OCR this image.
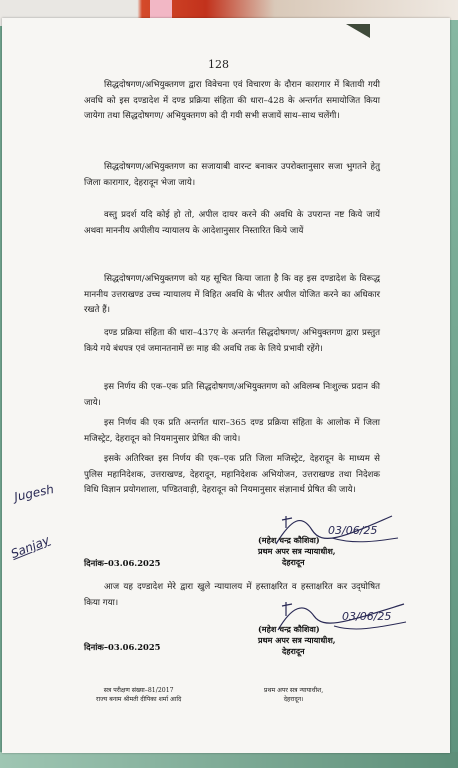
128

सिद्धदोषगण/अभियुक्तगण द्वारा विवेचना एवं विचारण के दौरान कारागार में बितायी गयी अवधि को इस दण्डादेश में दण्ड प्रक्रिया संहिता की धारा–428 के अन्तर्गत समायोजित किया जायेगा तथा सिद्धदोषगण/ अभियुक्तगण को दी गयी सभी सजायें साथ–साथ चलेंगी।

सिद्धदोषगण/अभियुक्तगण का सजायाबी वारन्ट बनाकर उपरोक्तानुसार सजा भुगतने हेतु जिला कारागार, देहरादून भेजा जाये।

वस्तु प्रदर्श यदि कोई हो तो, अपील दायर करने की अवधि के उपरान्त नष्ट किये जायें अथवा माननीय अपीलीय न्यायालय के आदेशानुसार निस्तारित किये जायें

सिद्धदोषगण/अभियुक्तगण को यह सूचित किया जाता है कि वह इस दण्डादेश के विरूद्ध माननीय उत्तराखण्ड उच्च न्यायालय में विहित अवधि के भीतर अपील योजित करने का अधिकार रखते हैं।

दण्ड प्रक्रिया संहिता की धारा–437ए के अन्तर्गत सिद्धदोषगण/ अभियुक्तगण द्वारा प्रस्तुत किये गये बंधपत्र एवं जमानतनामें छः माह की अवधि तक के लिये प्रभावी रहेंगे।

इस निर्णय की एक–एक प्रति सिद्धदोषगण/अभियुक्तगण को अविलम्ब निःशुल्क प्रदान की जाये।

इस निर्णय की एक प्रति अन्तर्गत धारा–365 दण्ड प्रक्रिया संहिता के आलोक में जिला मजिस्ट्रेट, देहरादून को नियमानुसार प्रेषित की जाये।

इसके अतिरिक्त इस निर्णय की एक–एक प्रति जिला मजिस्ट्रेट, देहरादून के माध्यम से पुलिस महानिदेशक, उत्तराखण्ड, देहरादून, महानिदेशक अभियोजन, उत्तराखण्ड तथा निदेशक विधि विज्ञान प्रयोगशाला, पण्डितवाड़ी, देहरादून को नियमानुसार संज्ञानार्थ प्रेषित की जाये।

Jugesh
Sanjay
03/06/25
(महेश चन्द्र कौशिवा)
प्रथम अपर सत्र न्यायाधीश,
देहरादून
दिनांक–03.06.2025

आज यह दण्डादेश मेरे द्वारा खुले न्यायालय में हस्ताक्षरित व हस्ताक्षरित कर उद्‌घोषित किया गया।

03/06/25
(महेश चन्द्र कौशिवा)
प्रथम अपर सत्र न्यायाधीश,
देहरादून
दिनांक–03.06.2025
सत्र परीक्षण संख्या–81/2017
राज्य बनाम श्रीमती दीपिका शर्मा आदि
प्रथम अपर सत्र न्यायाधीश,
देहरादून।
